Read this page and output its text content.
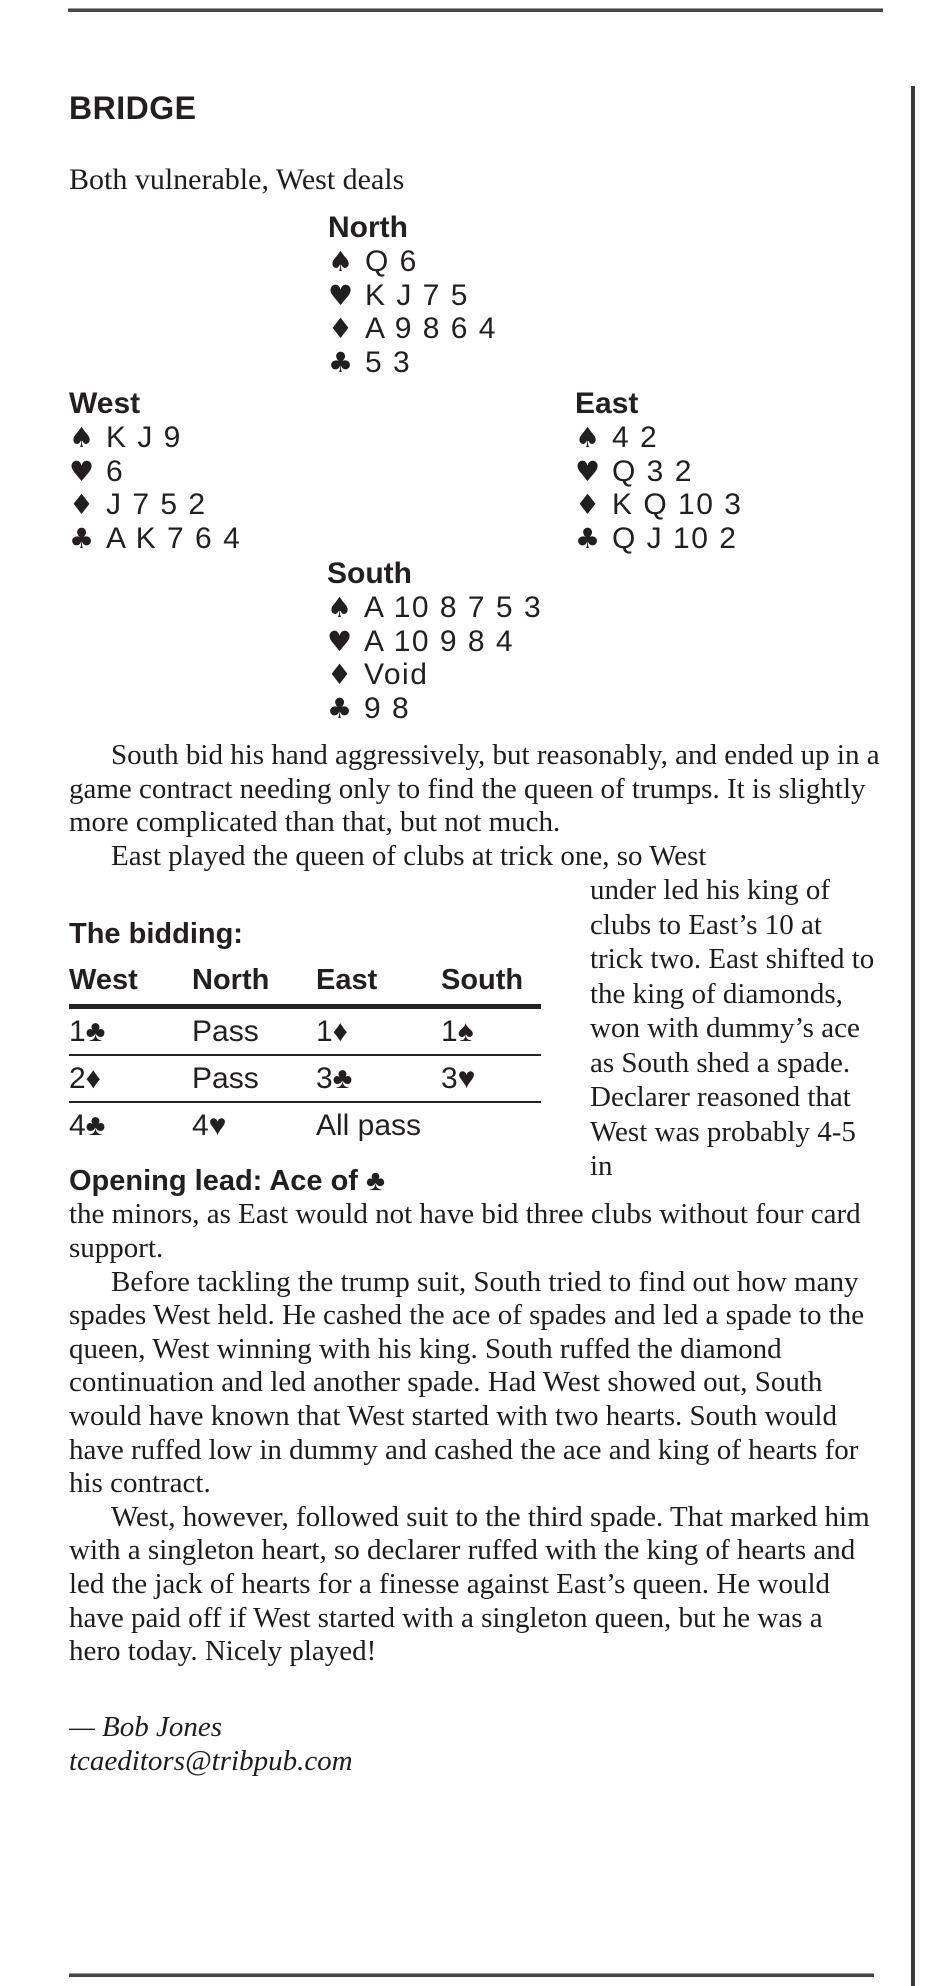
BRIDGE
Both vulnerable, West deals
North
♠ Q 6
♥ K J 7 5
♦ A 9 8 6 4
♣ 5 3
West
♠ K J 9
♥ 6
♦ J 7 5 2
♣ A K 7 6 4
East
♠ 4 2
♥ Q 3 2
♦ K Q 10 3
♣ Q J 10 2
South
♠ A 10 8 7 5 3
♥ A 10 9 8 4
♦ Void
♣ 9 8

South bid his hand aggressively, but reasonably, and ended up in a game contract needing only to find the queen of trumps. It is slightly more complicated than that, but not much.

East played the queen of clubs at trick one, so West

The bidding:
West	North	East	South
1♣	Pass	1♦	1♠
2♦	Pass	3♣	3♥
4♣	4♥	All pass	
Opening lead: Ace of ♣
under led his king of clubs to East’s 10 at trick two. East shifted to the king of diamonds, won with dummy’s ace as South shed a spade. Declarer reasoned that West was probably 4-5 in

the minors, as East would not have bid three clubs without four card support.

Before tackling the trump suit, South tried to find out how many spades West held. He cashed the ace of spades and led a spade to the queen, West winning with his king. South ruffed the diamond continuation and led another spade. Had West showed out, South would have known that West started with two hearts. South would have ruffed low in dummy and cashed the ace and king of hearts for his contract.

West, however, followed suit to the third spade. That marked him with a singleton heart, so declarer ruffed with the king of hearts and led the jack of hearts for a finesse against East’s queen. He would have paid off if West started with a singleton queen, but he was a hero today. Nicely played!

— Bob Jones
tcaeditors@tribpub.com
